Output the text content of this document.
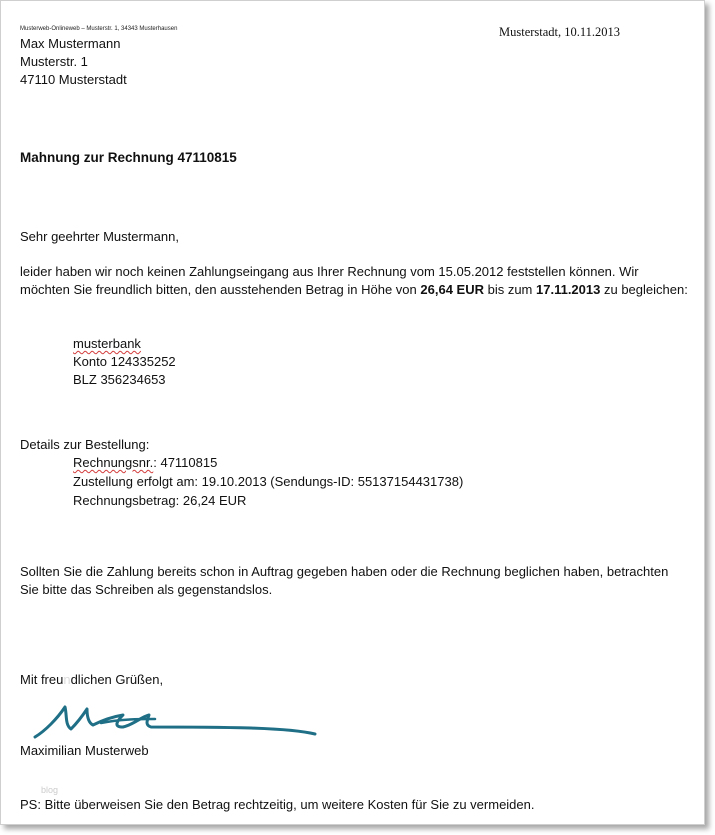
Musterweb-Onlineweb – Musterstr. 1, 34343 Musterhausen	Musterstadt, 10.11.2013
Max Mustermann
Musterstr. 1
47110 Musterstadt
Mahnung zur Rechnung 47110815
Sehr geehrter Mustermann,
leider haben wir noch keinen Zahlungseingang aus Ihrer Rechnung vom 15.05.2012 feststellen können. Wir möchten Sie freundlich bitten, den ausstehenden Betrag in Höhe von 26,64 EUR bis zum 17.11.2013 zu begleichen:
musterbank
Konto 124335252
BLZ 356234653
Details zur Bestellung:
Rechnungsnr.: 47110815
Zustellung erfolgt am: 19.10.2013 (Sendungs-ID: 55137154431738)
Rechnungsbetrag: 26,24 EUR
Sollten Sie die Zahlung bereits schon in Auftrag gegeben haben oder die Rechnung beglichen haben, betrachten Sie bitte das Schreiben als gegenstandslos.
Mit freundlichen Grüßen,
Maximilian Musterweb
blog
PS: Bitte überweisen Sie den Betrag rechtzeitig, um weitere Kosten für Sie zu vermeiden.
